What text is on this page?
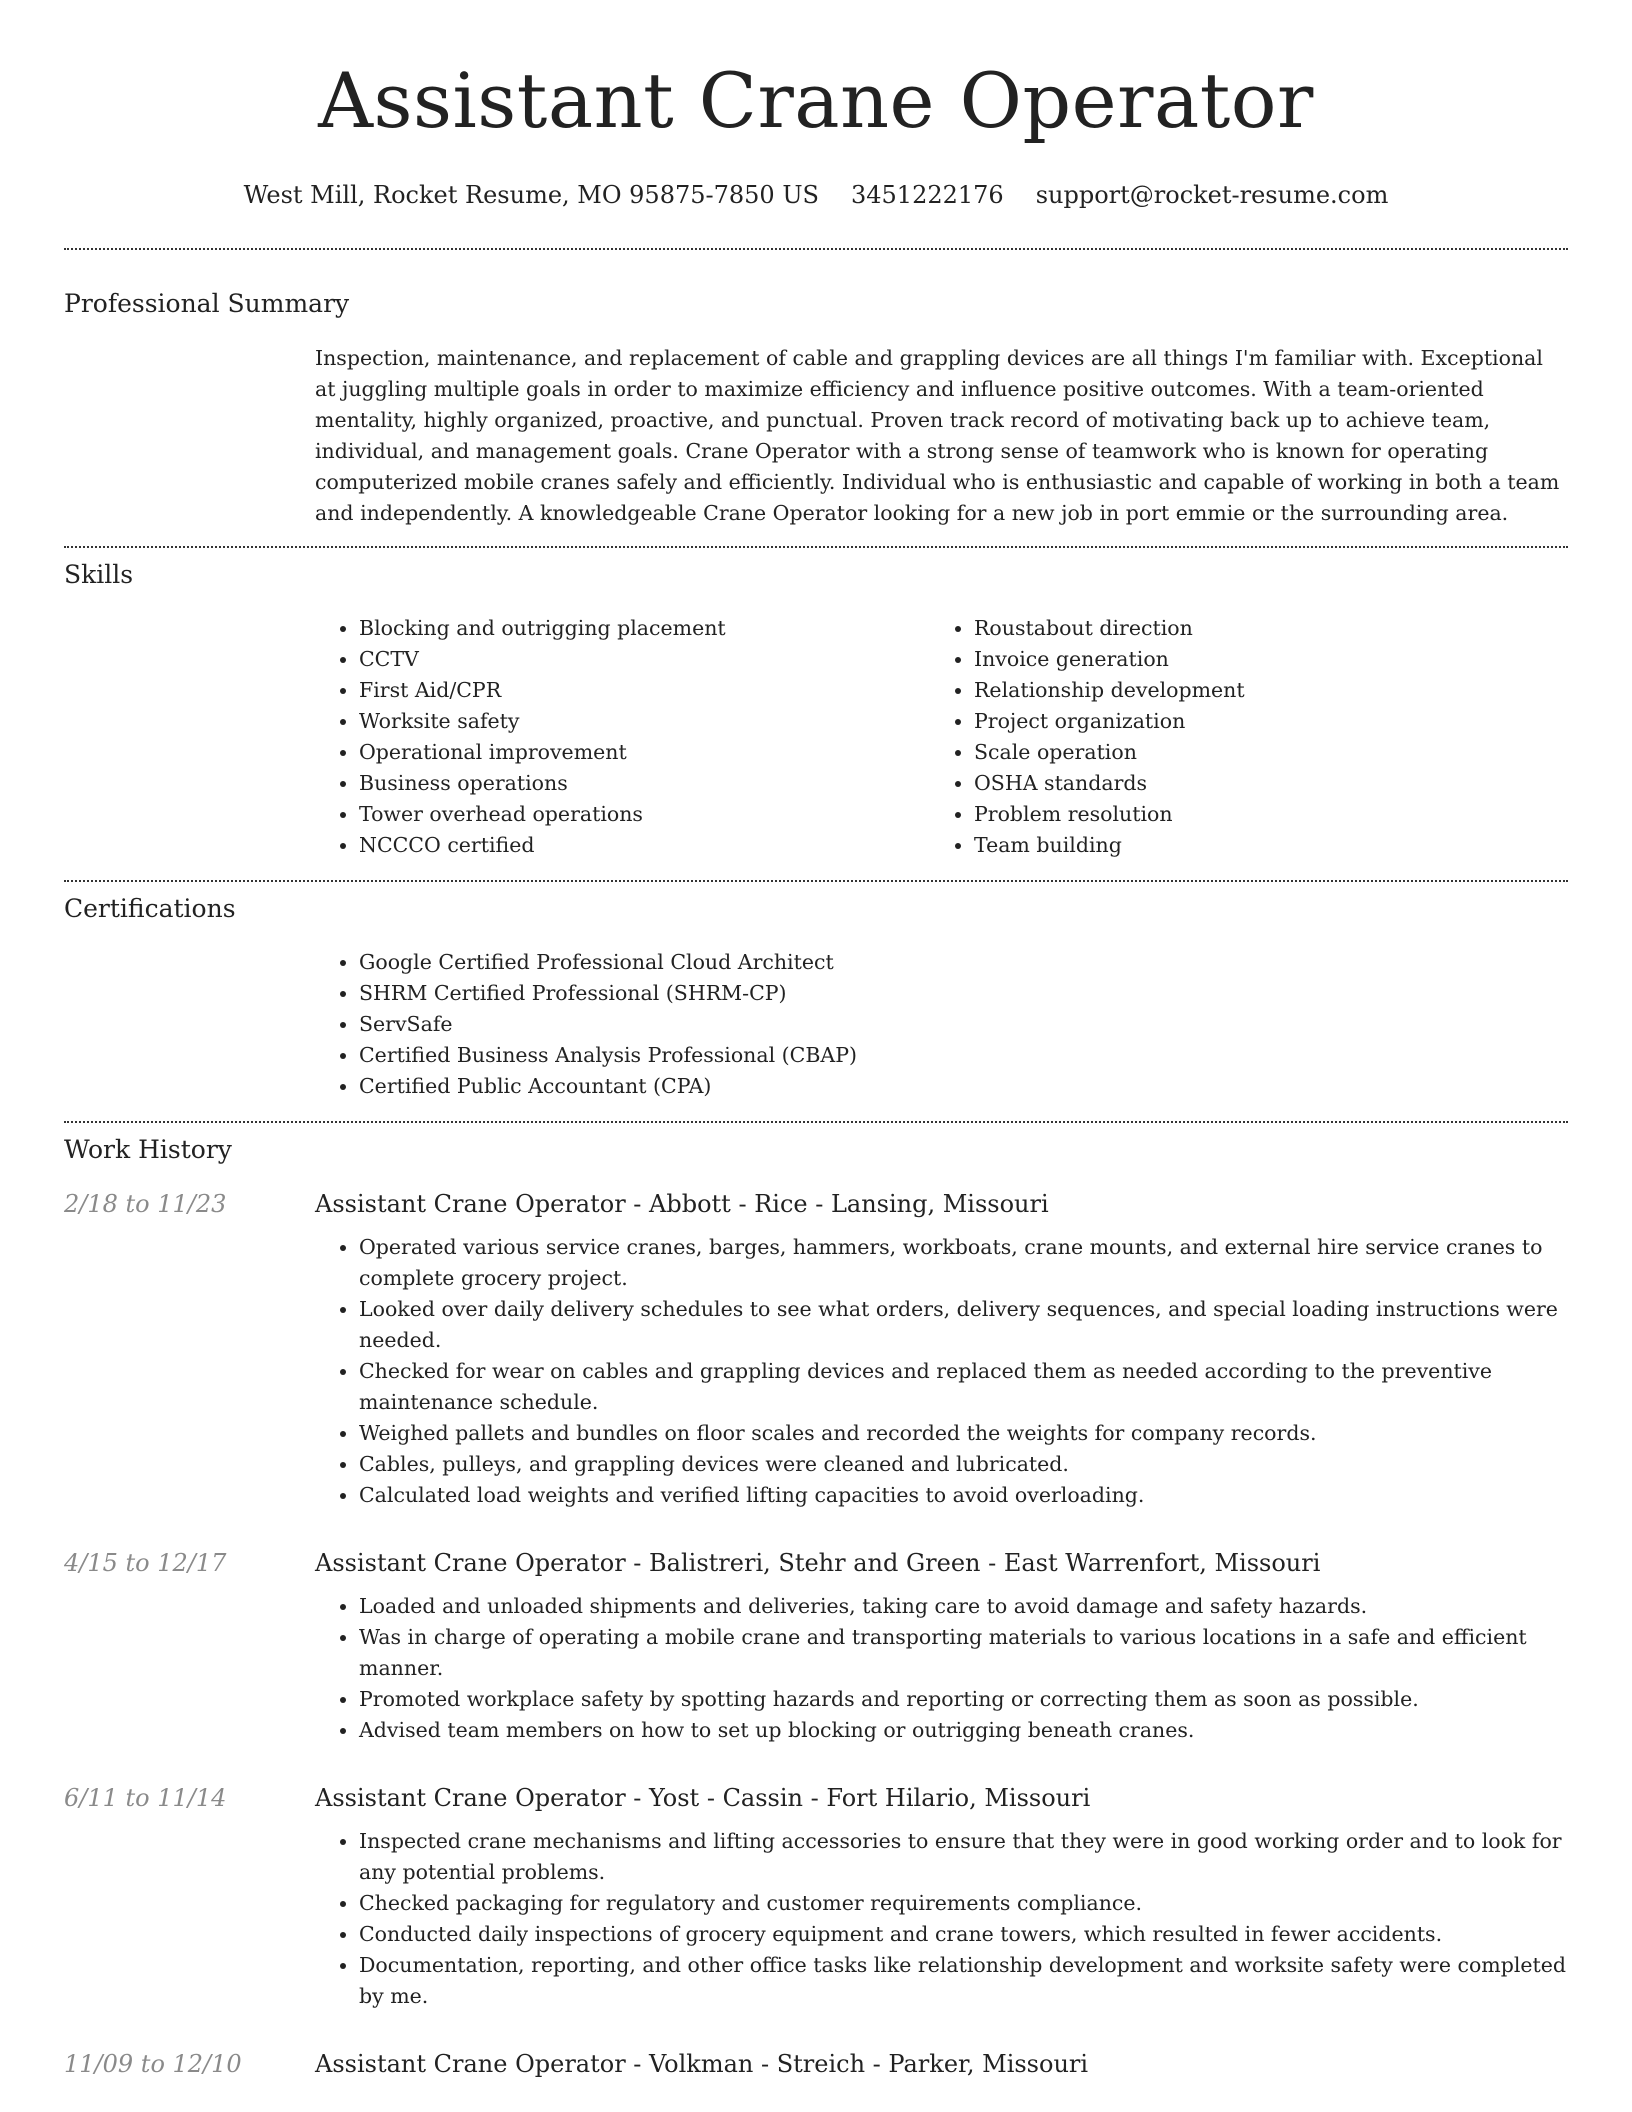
Assistant Crane Operator
West Mill, Rocket Resume, MO 95875-7850 US 3451222176 support@rocket-resume.com
Professional Summary

Inspection, maintenance, and replacement of cable and grappling devices are all things I'm familiar with. Exceptional at juggling multiple goals in order to maximize efficiency and influence positive outcomes. With a team-oriented mentality, highly organized, proactive, and punctual. Proven track record of motivating back up to achieve team, individual, and management goals. Crane Operator with a strong sense of teamwork who is known for operating computerized mobile cranes safely and efficiently. Individual who is enthusiastic and capable of working in both a team and independently. A knowledgeable Crane Operator looking for a new job in port emmie or the surrounding area.

Skills
• Blocking and outrigging placement
• CCTV
• First Aid/CPR
• Worksite safety
• Operational improvement
• Business operations
• Tower overhead operations
• NCCCO certified
• Roustabout direction
• Invoice generation
• Relationship development
• Project organization
• Scale operation
• OSHA standards
• Problem resolution
• Team building
Certifications
• Google Certified Professional Cloud Architect
• SHRM Certified Professional (SHRM-CP)
• ServSafe
• Certified Business Analysis Professional (CBAP)
• Certified Public Accountant (CPA)
Work History
2/18 to 11/23	Assistant Crane Operator - Abbott - Rice - Lansing, Missouri
• Operated various service cranes, barges, hammers, workboats, crane mounts, and external hire service cranes to complete grocery project.
• Looked over daily delivery schedules to see what orders, delivery sequences, and special loading instructions were needed.
• Checked for wear on cables and grappling devices and replaced them as needed according to the preventive maintenance schedule.
• Weighed pallets and bundles on floor scales and recorded the weights for company records.
• Cables, pulleys, and grappling devices were cleaned and lubricated.
• Calculated load weights and verified lifting capacities to avoid overloading.
4/15 to 12/17	Assistant Crane Operator - Balistreri, Stehr and Green - East Warrenfort, Missouri
• Loaded and unloaded shipments and deliveries, taking care to avoid damage and safety hazards.
• Was in charge of operating a mobile crane and transporting materials to various locations in a safe and efficient manner.
• Promoted workplace safety by spotting hazards and reporting or correcting them as soon as possible.
• Advised team members on how to set up blocking or outrigging beneath cranes.
6/11 to 11/14	Assistant Crane Operator - Yost - Cassin - Fort Hilario, Missouri
• Inspected crane mechanisms and lifting accessories to ensure that they were in good working order and to look for any potential problems.
• Checked packaging for regulatory and customer requirements compliance.
• Conducted daily inspections of grocery equipment and crane towers, which resulted in fewer accidents.
• Documentation, reporting, and other office tasks like relationship development and worksite safety were completed by me.
11/09 to 12/10	Assistant Crane Operator - Volkman - Streich - Parker, Missouri
